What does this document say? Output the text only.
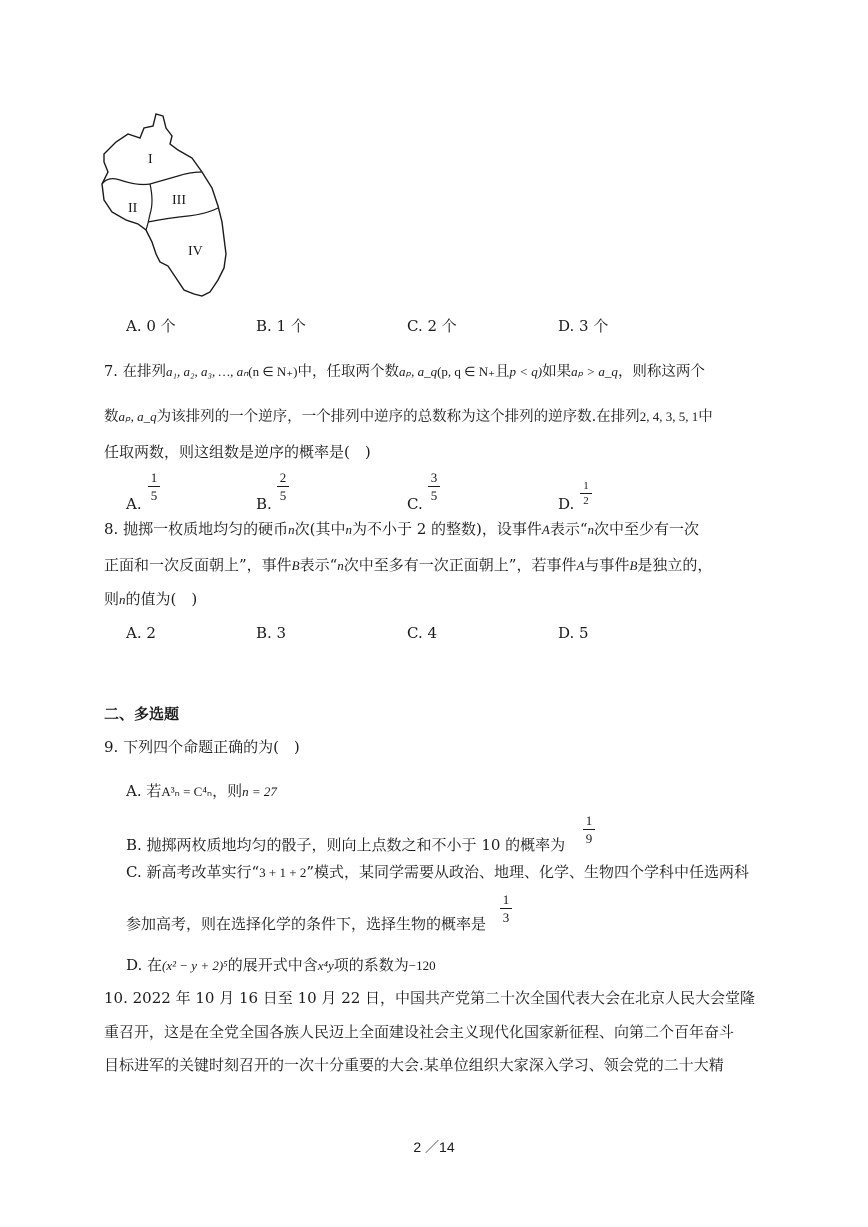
I
II
III
IV
A. 0 个	B. 1 个	C. 2 个	D. 3 个
7. 在排列a₁, a₂, a₃, …, aₙ(n ∈ N₊)中，任取两个数aₚ, a_q(p, q ∈ N₊且p < q)如果aₚ > a_q，则称这两个
数aₚ, a_q为该排列的一个逆序，一个排列中逆序的总数称为这个排列的逆序数.在排列2, 4, 3, 5, 1中
任取两数，则这组数是逆序的概率是(　)
A.
1
5	B.
2
5	C.
3
5	D.
1
2
8. 抛掷一枚质地均匀的硬币n次(其中n为不小于 2 的整数)，设事件A表示“n次中至少有一次
正面和一次反面朝上”，事件B表示“n次中至多有一次正面朝上”，若事件A与事件B是独立的，
则n的值为(　)
A. 2	B. 3	C. 4	D. 5
二、多选题
9. 下列四个命题正确的为(　)
A. 若A³ₙ = C⁴ₙ，则n = 27
B. 抛掷两枚质地均匀的骰子，则向上点数之和不小于 10 的概率为
1
9
C. 新高考改革实行“3 + 1 + 2”模式，某同学需要从政治、地理、化学、生物四个学科中任选两科
参加高考，则在选择化学的条件下，选择生物的概率是
1
3
D. 在(x² − y + 2)⁵的展开式中含x⁴y项的系数为−120
10. 2022 年 10 月 16 日至 10 月 22 日，中国共产党第二十次全国代表大会在北京人民大会堂隆
重召开，这是在全党全国各族人民迈上全面建设社会主义现代化国家新征程、向第二个百年奋斗
目标进军的关键时刻召开的一次十分重要的大会.某单位组织大家深入学习、领会党的二十大精
2 ／14
